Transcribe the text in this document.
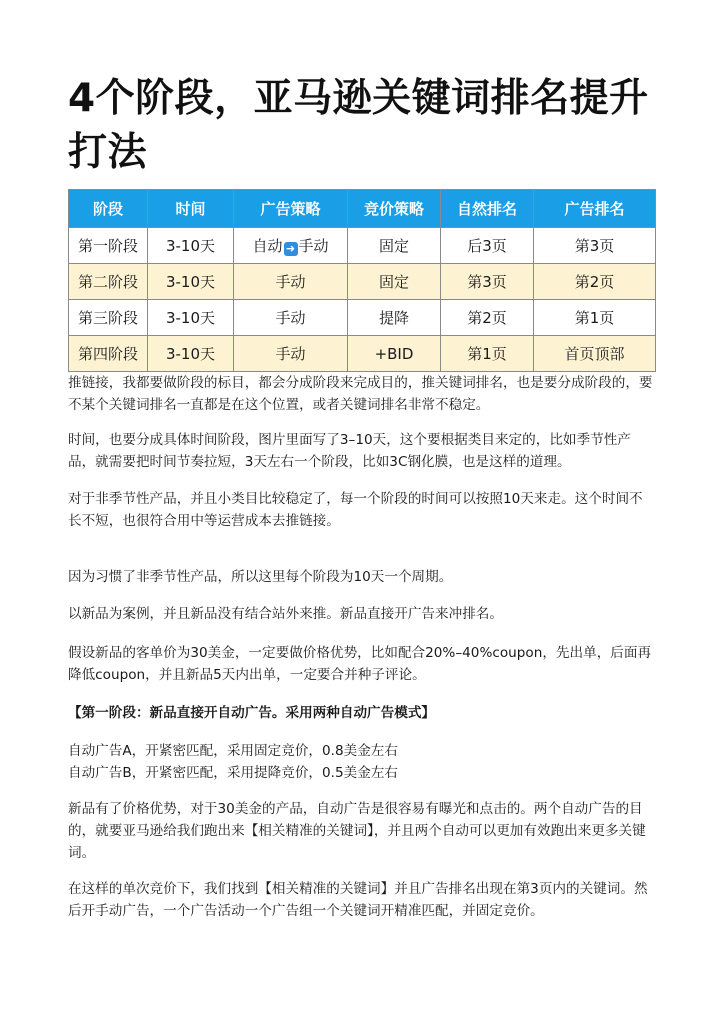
4个阶段，亚马逊关键词排名提升打法
阶段	时间	广告策略	竞价策略	自然排名	广告排名
第一阶段	3-10天	自动 ➜ 手动	固定	后3页	第3页
第二阶段	3-10天	手动	固定	第3页	第2页
第三阶段	3-10天	手动	提降	第2页	第1页
第四阶段	3-10天	手动	+BID	第1页	首页顶部

推链接，我都要做阶段的标目，都会分成阶段来完成目的，推关键词排名，也是要分成阶段的，要不某个关键词排名一直都是在这个位置，或者关键词排名非常不稳定。

时间，也要分成具体时间阶段，图片里面写了3–10天，这个要根据类目来定的，比如季节性产品，就需要把时间节奏拉短，3天左右一个阶段，比如3C钢化膜，也是这样的道理。

对于非季节性产品，并且小类目比较稳定了，每一个阶段的时间可以按照10天来走。这个时间不长不短，也很符合用中等运营成本去推链接。

因为习惯了非季节性产品，所以这里每个阶段为10天一个周期。

以新品为案例，并且新品没有结合站外来推。新品直接开广告来冲排名。

假设新品的客单价为30美金，一定要做价格优势，比如配合20%–40%coupon，先出单，后面再降低coupon，并且新品5天内出单，一定要合并种子评论。

【第一阶段：新品直接开自动广告。采用两种自动广告模式】

自动广告A，开紧密匹配，采用固定竞价，0.8美金左右

自动广告B，开紧密匹配，采用提降竞价，0.5美金左右

新品有了价格优势，对于30美金的产品，自动广告是很容易有曝光和点击的。两个自动广告的目的，就要亚马逊给我们跑出来【相关精准的关键词】，并且两个自动可以更加有效跑出来更多关键词。

在这样的单次竞价下，我们找到【相关精准的关键词】并且广告排名出现在第3页内的关键词。然后开手动广告，一个广告活动一个广告组一个关键词开精准匹配，并固定竞价。
